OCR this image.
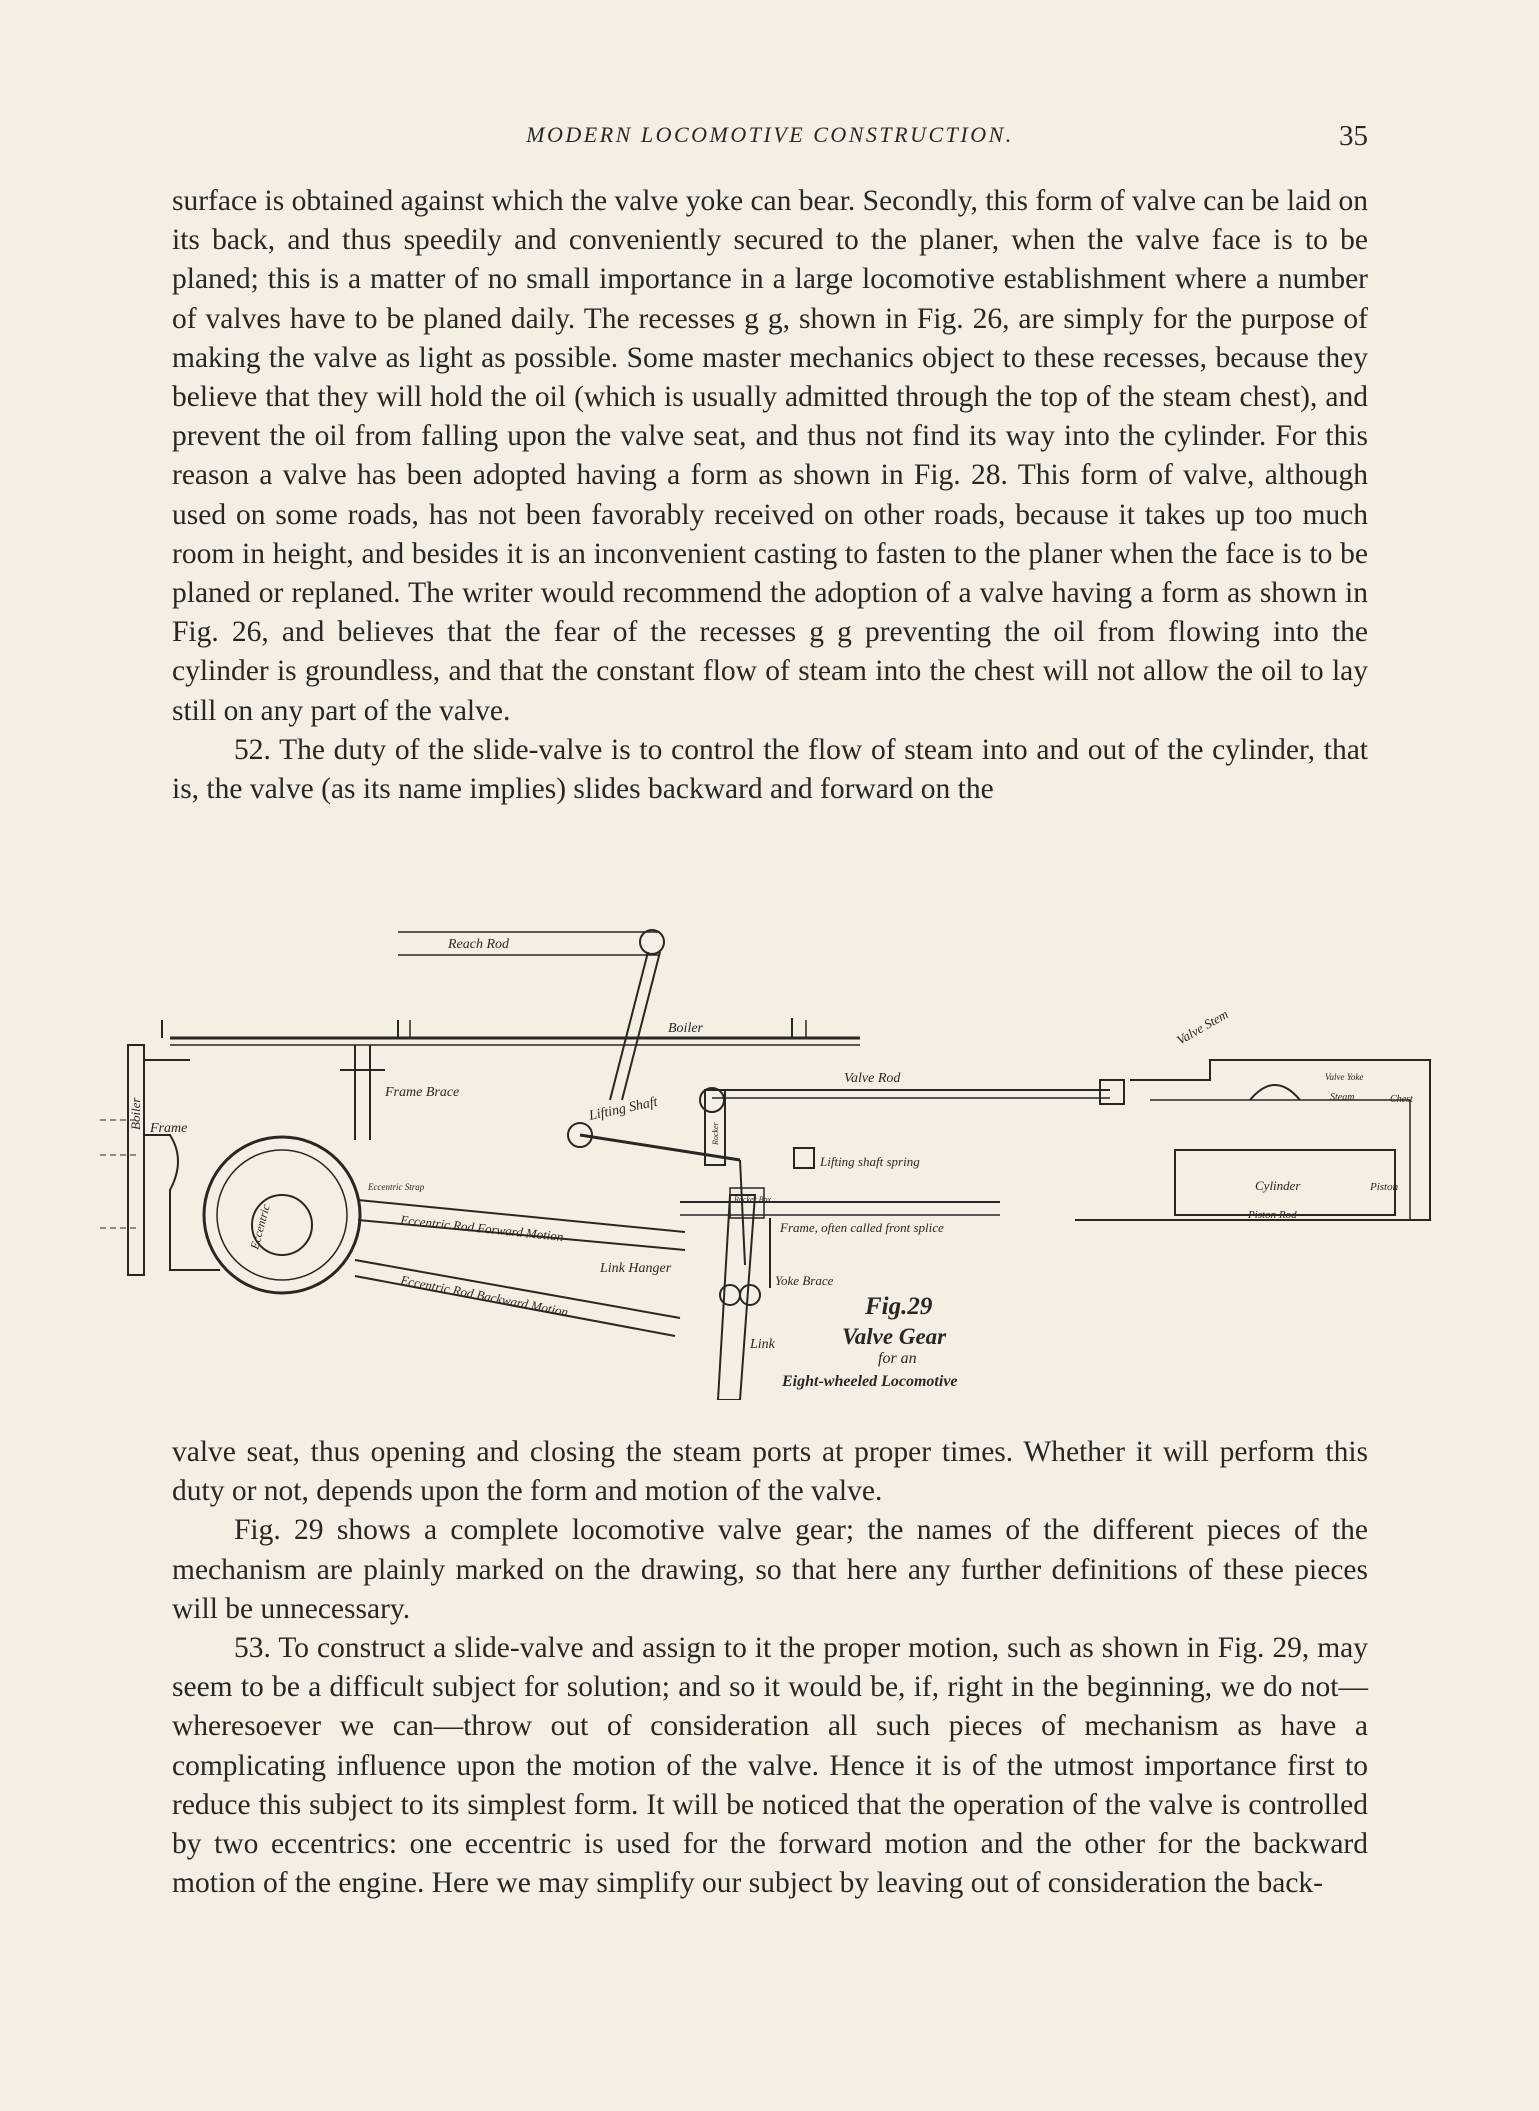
MODERN LOCOMOTIVE CONSTRUCTION.	35

surface is obtained against which the valve yoke can bear. Secondly, this form of valve can be laid on its back, and thus speedily and conveniently secured to the planer, when the valve face is to be planed; this is a matter of no small importance in a large locomotive establishment where a number of valves have to be planed daily. The recesses g g, shown in Fig. 26, are simply for the purpose of making the valve as light as possible. Some master mechanics object to these recesses, because they believe that they will hold the oil (which is usually admitted through the top of the steam chest), and prevent the oil from falling upon the valve seat, and thus not find its way into the cylinder. For this reason a valve has been adopted having a form as shown in Fig. 28. This form of valve, although used on some roads, has not been favorably received on other roads, because it takes up too much room in height, and besides it is an inconvenient casting to fasten to the planer when the face is to be planed or replaned. The writer would recommend the adoption of a valve having a form as shown in Fig. 26, and believes that the fear of the recesses g g preventing the oil from flowing into the cylinder is groundless, and that the constant flow of steam into the chest will not allow the oil to lay still on any part of the valve.

52. The duty of the slide-valve is to control the flow of steam into and out of the cylinder, that is, the valve (as its name implies) slides backward and forward on the

Reach Rod
Boiler
Boiler Frame
Frame Brace
Eccentric
Eccentric Strap
Eccentric Rod Forward Motion
Eccentric Rod Backward Motion
Lifting Shaft
Lifting shaft spring
Rocker
Rocker Box
Valve Rod
Frame, often called front splice
Link Hanger
Link
Yoke Brace
Valve Stem
Valve Yoke
Steam	Chest
Cylinder	Piston
Piston Rod
Fig.29
Valve Gear
for an
Eight-wheeled Locomotive

valve seat, thus opening and closing the steam ports at proper times. Whether it will perform this duty or not, depends upon the form and motion of the valve.

Fig. 29 shows a complete locomotive valve gear; the names of the different pieces of the mechanism are plainly marked on the drawing, so that here any further definitions of these pieces will be unnecessary.

53. To construct a slide-valve and assign to it the proper motion, such as shown in Fig. 29, may seem to be a difficult subject for solution; and so it would be, if, right in the beginning, we do not—wheresoever we can—throw out of consideration all such pieces of mechanism as have a complicating influence upon the motion of the valve. Hence it is of the utmost importance first to reduce this subject to its simplest form. It will be noticed that the operation of the valve is controlled by two eccentrics: one eccentric is used for the forward motion and the other for the backward motion of the engine. Here we may simplify our subject by leaving out of consideration the back-
